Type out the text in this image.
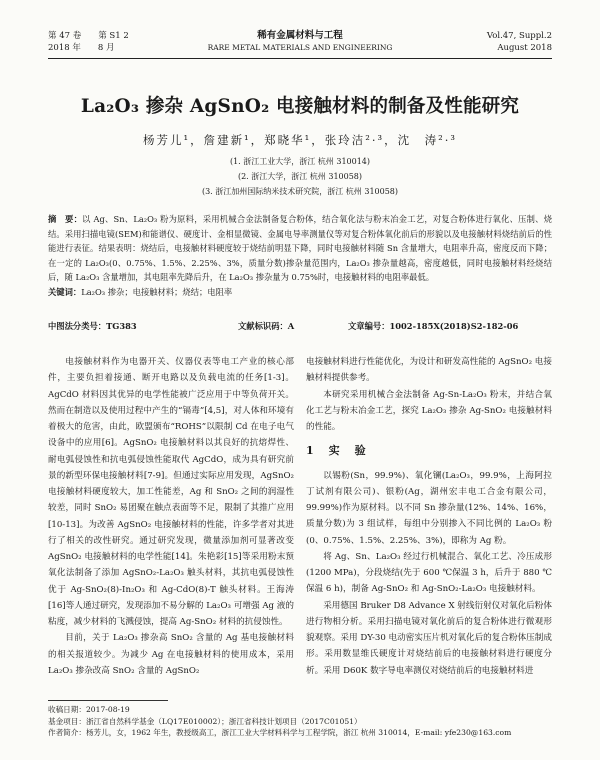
第 47 卷　　第 S1 2
2018 年　　8 月
稀有金属材料与工程
RARE METAL MATERIALS AND ENGINEERING
Vol.47, Suppl.2
August 2018
La₂O₃ 掺杂 AgSnO₂ 电接触材料的制备及性能研究
杨芳儿¹，詹建新¹，郑晓华¹，张玲洁²·³，沈　涛²·³
(1. 浙江工业大学，浙江 杭州 310014)
(2. 浙江大学，浙江 杭州 310058)
(3. 浙江加州国际纳米技术研究院，浙江 杭州 310058)
摘　要：以 Ag、Sn、La₂O₃ 粉为原料，采用机械合金法制备复合粉体，结合氧化法与粉末冶金工艺，对复合粉体进行氧化、压制、烧结。采用扫描电镜(SEM)和能谱仪、硬度计、金相显微镜、金属电导率测量仪等对复合粉体氧化前后的形貌以及电接触材料烧结前后的性能进行表征。结果表明：烧结后，电接触材料硬度较于烧结前明显下降，同时电接触材料随 Sn 含量增大，电阻率升高，密度反而下降；在一定的 La₂O₃(0、0.75%、1.5%、2.25%、3%，质量分数)掺杂量范围内，La₂O₃ 掺杂量越高，密度越低，同时电接触材料经烧结后，随 La₂O₃ 含量增加，其电阻率先降后升，在 La₂O₃ 掺杂量为 0.75%时，电接触材料的电阻率最低。
关键词：La₂O₃ 掺杂；电接触材料；烧结；电阻率
中图法分类号：TG383	文献标识码：A	文章编号：1002-185X(2018)S2-182-06

电接触材料作为电器开关、仪器仪表等电工产业的核心部件，主要负担着接通、断开电路以及负载电流的任务[1-3]。AgCdO 材料因其优异的电学性能被广泛应用于中等负荷开关。然而在制造以及使用过程中产生的“镉毒”[4,5]，对人体和环境有着极大的危害，由此，欧盟颁布“ROHS”以限制 Cd 在电子电气设备中的应用[6]。AgSnO₂ 电接触材料以其良好的抗熔焊性、耐电弧侵蚀性和抗电弧侵蚀性能取代 AgCdO，成为具有研究前景的新型环保电接触材料[7-9]。但通过实际应用发现，AgSnO₂ 电接触材料硬度较大，加工性能差，Ag 和 SnO₂ 之间的润湿性较差，同时 SnO₂ 易团聚在触点表面等不足，限制了其推广应用[10-13]。为改善 AgSnO₂ 电接触材料的性能，许多学者对其进行了相关的改性研究。通过研究发现，微量添加剂可显著改变 AgSnO₂ 电接触材料的电学性能[14]。朱艳彩[15]等采用粉末预氧化法制备了添加 AgSnO₂-La₂O₃ 触头材料，其抗电弧侵蚀性优于 Ag-SnO₂(8)-In₂O₃ 和 Ag-CdO(8)-T 触头材料。王海涛[16]等人通过研究，发现添加不易分解的 La₂O₃ 可增强 Ag 液的粘度，减少材料的飞溅侵蚀，提高 Ag-SnO₂ 材料的抗侵蚀性。

目前，关于 La₂O₃ 掺杂高 SnO₂ 含量的 Ag 基电接触材料的相关报道较少。为减少 Ag 在电接触材料的使用成本，采用 La₂O₃ 掺杂改高 SnO₂ 含量的 AgSnO₂

电接触材料进行性能优化，为设计和研发高性能的 AgSnO₂ 电接触材料提供参考。

本研究采用机械合金法制备 Ag-Sn-La₂O₃ 粉末，并结合氧化工艺与粉末冶金工艺，探究 La₂O₃ 掺杂 Ag-SnO₂ 电接触材料的性能。

1　实　验

以锡粉(Sn，99.9%)、氧化镧(La₂O₃，99.9%，上海阿拉丁试剂有限公司)、银粉(Ag，湖州宏丰电工合金有限公司，99.99%)作为原材料。以不同 Sn 掺杂量(12%、14%、16%，质量分数)为 3 组试样，每组中分别掺入不同比例的 La₂O₃ 粉(0、0.75%、1.5%、2.25%、3%)，即称为 Ag 粉。

将 Ag、Sn、La₂O₃ 经过行机械混合、氧化工艺、冷压成形(1200 MPa)，分段烧结(先于 600 ℃保温 3 h，后升于 880 ℃保温 6 h)，制备 Ag-SnO₂ 和 Ag-SnO₂-La₂O₃ 电接触材料。

采用德国 Bruker D8 Advance X 射线衍射仪对氧化后粉体进行物相分析。采用扫描电镜对氧化前后的复合粉体进行微观形貌观察。采用 DY-30 电动密实压片机对氧化后的复合粉体压制成形。采用数显维氏硬度计对烧结前后的电接触材料进行硬度分析。采用 D60K 数字导电率测仪对烧结前后的电接触材料进

收稿日期：2017-08-19
基金项目：浙江省自然科学基金（LQ17E010002）；浙江省科技计划项目（2017C01051）
作者简介：杨芳儿，女，1962 年生，教授级高工，浙江工业大学材料科学与工程学院，浙江 杭州 310014，E-mail: yfe230@163.com
